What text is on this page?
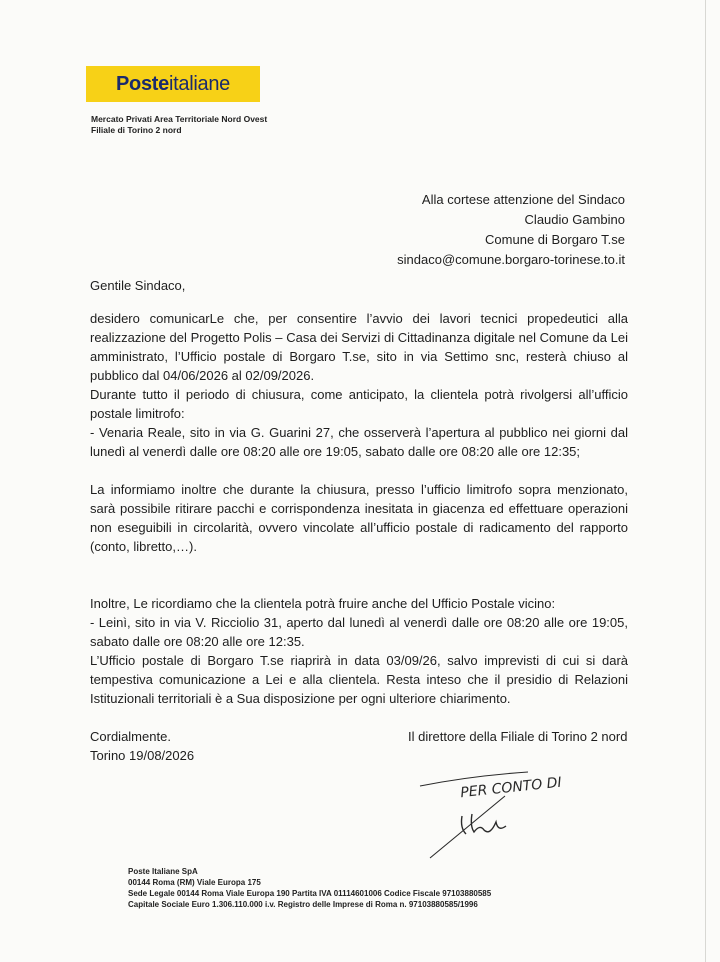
Poste italiane
Mercato Privati Area Territoriale Nord Ovest
Filiale di Torino 2 nord
Alla cortese attenzione del Sindaco
Claudio Gambino
Comune di Borgaro T.se
sindaco@comune.borgaro-torinese.to.it

Gentile Sindaco,

desidero comunicarLe che, per consentire l’avvio dei lavori tecnici propedeutici alla realizzazione del Progetto Polis – Casa dei Servizi di Cittadinanza digitale nel Comune da Lei amministrato, l’Ufficio postale di Borgaro T.se, sito in via Settimo snc, resterà chiuso al pubblico dal 04/06/2026 al 02/09/2026.

Durante tutto il periodo di chiusura, come anticipato, la clientela potrà rivolgersi all’ufficio postale limitrofo:

- Venaria Reale, sito in via G. Guarini 27, che osserverà l’apertura al pubblico nei giorni dal lunedì al venerdì dalle ore 08:20 alle ore 19:05, sabato dalle ore 08:20 alle ore 12:35;

La informiamo inoltre che durante la chiusura, presso l’ufficio limitrofo sopra menzionato, sarà possibile ritirare pacchi e corrispondenza inesitata in giacenza ed effettuare operazioni non eseguibili in circolarità, ovvero vincolate all’ufficio postale di radicamento del rapporto (conto, libretto,…).

Inoltre, Le ricordiamo che la clientela potrà fruire anche del Ufficio Postale vicino:

- Leinì, sito in via V. Ricciolio 31, aperto dal lunedì al venerdì dalle ore 08:20 alle ore 19:05, sabato dalle ore 08:20 alle ore 12:35.

L’Ufficio postale di Borgaro T.se riaprirà in data 03/09/26, salvo imprevisti di cui si darà tempestiva comunicazione a Lei e alla clientela. Resta inteso che il presidio di Relazioni Istituzionali territoriali è a Sua disposizione per ogni ulteriore chiarimento.

Cordialmente.

Torino 19/08/2026

Il direttore della Filiale di Torino 2 nord
PER CONTO DI
Poste Italiane SpA
00144 Roma (RM) Viale Europa 175
Sede Legale 00144 Roma Viale Europa 190 Partita IVA 01114601006 Codice Fiscale 97103880585
Capitale Sociale Euro 1.306.110.000 i.v. Registro delle Imprese di Roma n. 97103880585/1996
